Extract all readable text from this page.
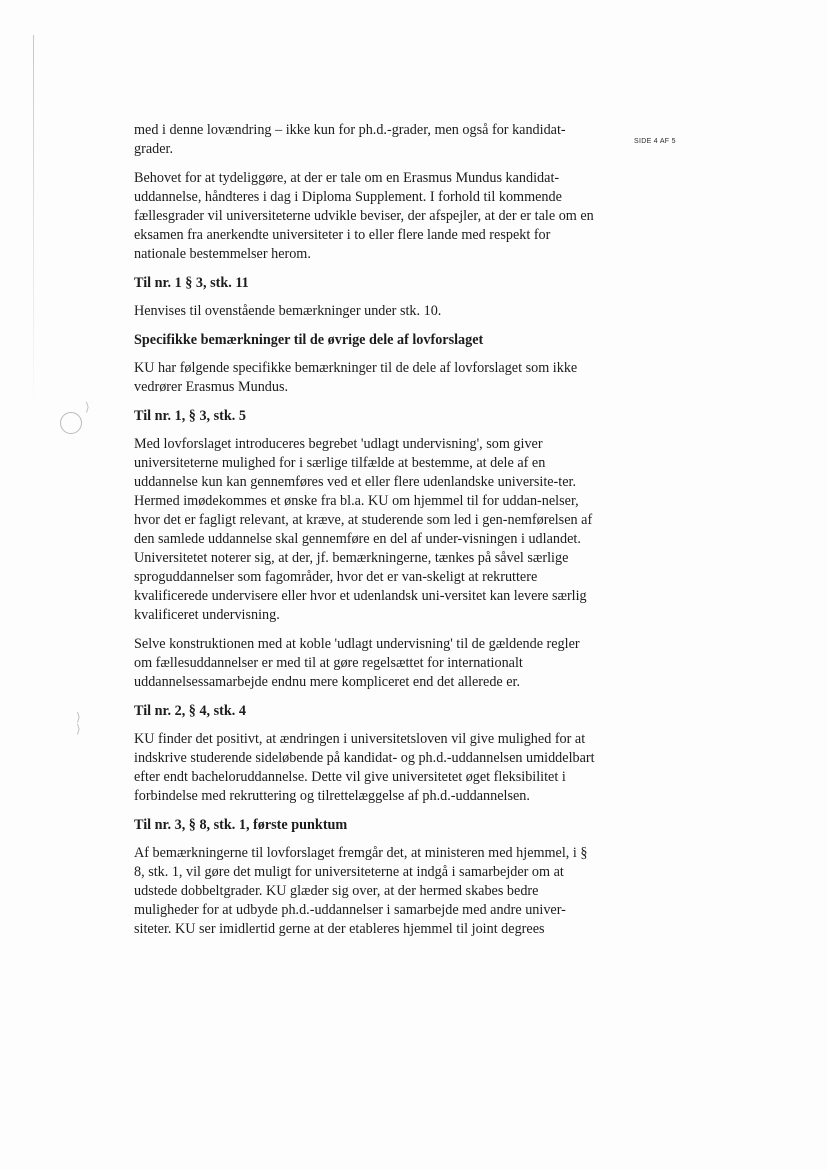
⟩
⟩
⟩
SIDE 4 AF 5

med i denne lovændring – ikke kun for ph.d.-grader, men også for kandidat-grader.

Behovet for at tydeliggøre, at der er tale om en Erasmus Mundus kandidat-uddannelse, håndteres i dag i Diploma Supplement. I forhold til kommende fællesgrader vil universiteterne udvikle beviser, der afspejler, at der er tale om en eksamen fra anerkendte universiteter i to eller flere lande med respekt for nationale bestemmelser herom.

Til nr. 1 § 3, stk. 11

Henvises til ovenstående bemærkninger under stk. 10.

Specifikke bemærkninger til de øvrige dele af lovforslaget

KU har følgende specifikke bemærkninger til de dele af lovforslaget som ikke vedrører Erasmus Mundus.

Til nr. 1, § 3, stk. 5

Med lovforslaget introduceres begrebet 'udlagt undervisning', som giver universiteterne mulighed for i særlige tilfælde at bestemme, at dele af en uddannelse kun kan gennemføres ved et eller flere udenlandske universite-ter. Hermed imødekommes et ønske fra bl.a. KU om hjemmel til for uddan-nelser, hvor det er fagligt relevant, at kræve, at studerende som led i gen-nemførelsen af den samlede uddannelse skal gennemføre en del af under-visningen i udlandet. Universitetet noterer sig, at der, jf. bemærkningerne, tænkes på såvel særlige sproguddannelser som fagområder, hvor det er van-skeligt at rekruttere kvalificerede undervisere eller hvor et udenlandsk uni-versitet kan levere særlig kvalificeret undervisning.

Selve konstruktionen med at koble 'udlagt undervisning' til de gældende regler om fællesuddannelser er med til at gøre regelsættet for internationalt uddannelsessamarbejde endnu mere kompliceret end det allerede er.

Til nr. 2, § 4, stk. 4

KU finder det positivt, at ændringen i universitetsloven vil give mulighed for at indskrive studerende sideløbende på kandidat- og ph.d.-uddannelsen umiddelbart efter endt bacheloruddannelse. Dette vil give universitetet øget fleksibilitet i forbindelse med rekruttering og tilrettelæggelse af ph.d.-uddannelsen.

Til nr. 3, § 8, stk. 1, første punktum

Af bemærkningerne til lovforslaget fremgår det, at ministeren med hjemmel, i § 8, stk. 1, vil gøre det muligt for universiteterne at indgå i samarbejder om at udstede dobbeltgrader. KU glæder sig over, at der hermed skabes bedre muligheder for at udbyde ph.d.-uddannelser i samarbejde med andre univer-siteter. KU ser imidlertid gerne at der etableres hjemmel til joint degrees
